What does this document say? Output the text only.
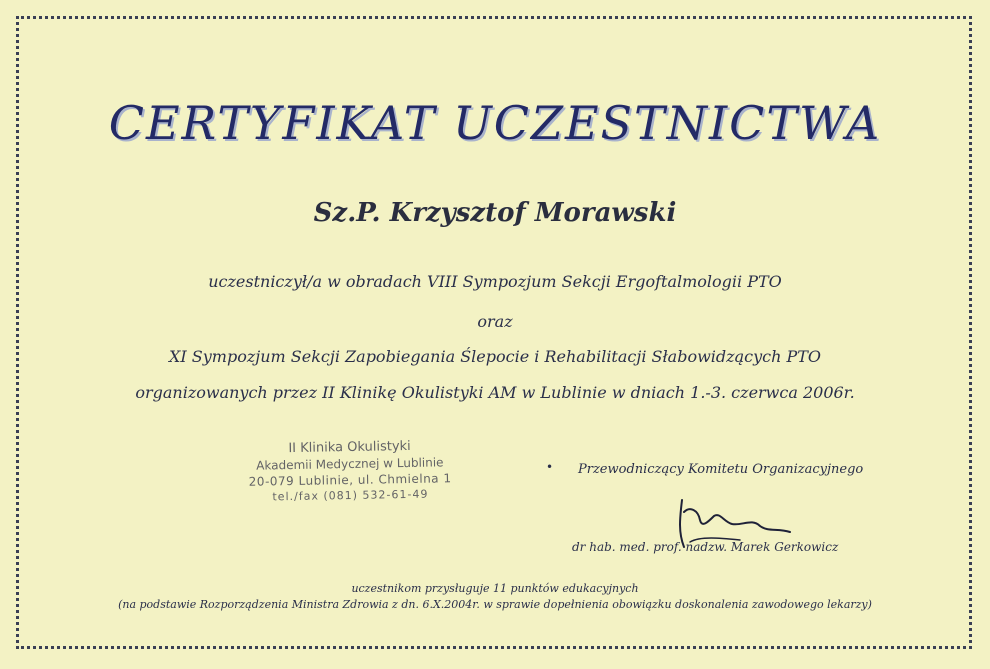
CERTYFIKAT UCZESTNICTWA
Sz.P. Krzysztof Morawski
uczestniczył/a w obradach VIII Sympozjum Sekcji Ergoftalmologii PTO
oraz
XI Sympozjum Sekcji Zapobiegania Ślepocie i Rehabilitacji Słabowidzących PTO
organizowanych przez II Klinikę Okulistyki AM w Lublinie w dniach 1.-3. czerwca 2006r.
II Klinika Okulistyki
Akademii Medycznej w Lublinie
20-079 Lublinie, ul. Chmielna 1
tel./fax (081) 532-61-49
• Przewodniczący Komitetu Organizacyjnego
dr hab. med. prof. nadzw. Marek Gerkowicz
uczestnikom przysługuje 11 punktów edukacyjnych
(na podstawie Rozporządzenia Ministra Zdrowia z dn. 6.X.2004r. w sprawie dopełnienia obowiązku doskonalenia zawodowego lekarzy)
